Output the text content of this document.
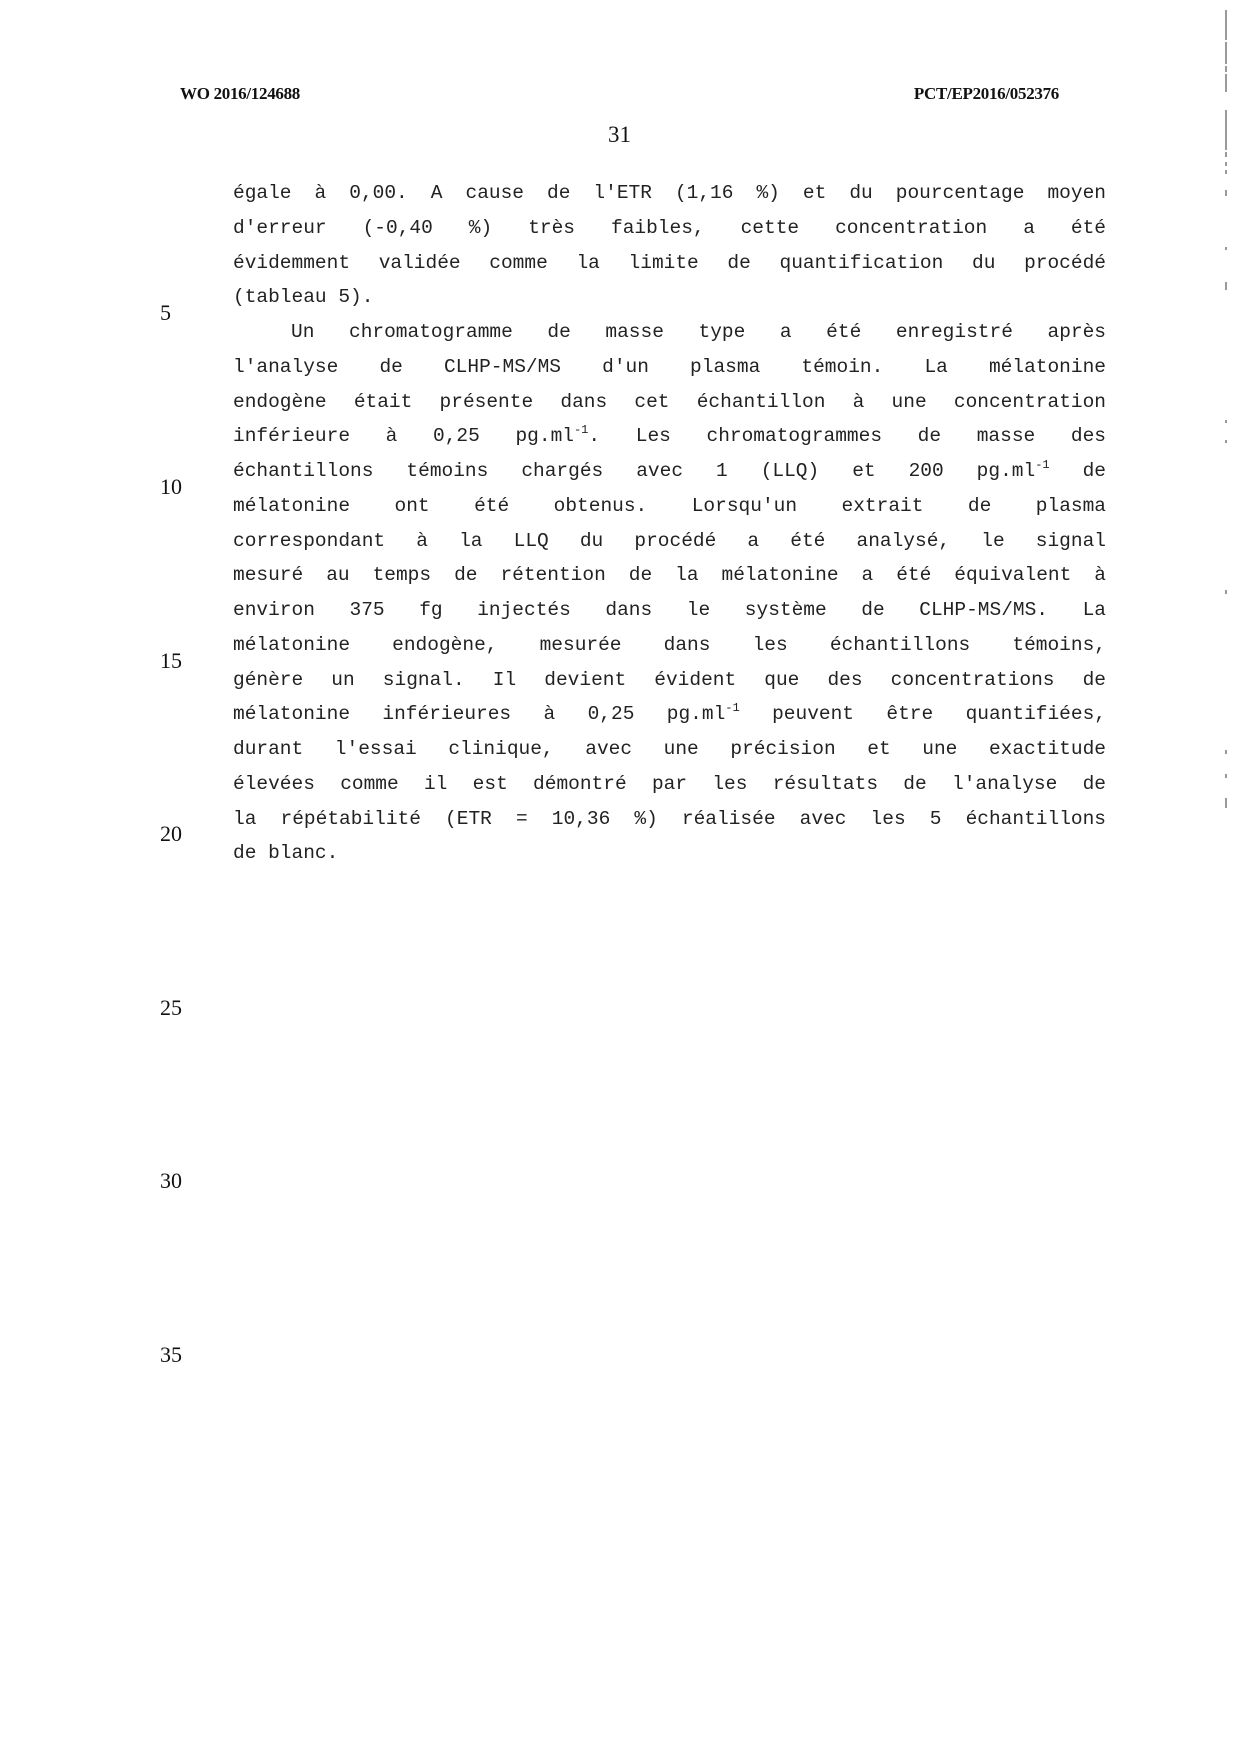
WO 2016/124688	PCT/EP2016/052376
31
5
10
15
20
25
30
35
égale à 0,00. A cause de l'ETR (1,16 %) et du pourcentage moyen
d'erreur (-0,40 %) très faibles, cette concentration a été
évidemment validée comme la limite de quantification du procédé
(tableau 5).
Un chromatogramme de masse type a été enregistré après
l'analyse de CLHP-MS/MS d'un plasma témoin. La mélatonine
endogène était présente dans cet échantillon à une concentration
inférieure à 0,25 $pg.ml^{-1}$. Les chromatogrammes de masse des
échantillons témoins chargés avec 1 (LLQ) et 200 $pg.ml^{-1}$ de
mélatonine ont été obtenus. Lorsqu'un extrait de plasma
correspondant à la LLQ du procédé a été analysé, le signal
mesuré au temps de rétention de la mélatonine a été équivalent à
environ 375 fg injectés dans le système de CLHP-MS/MS. La
mélatonine endogène, mesurée dans les échantillons témoins,
génère un signal. Il devient évident que des concentrations de
mélatonine inférieures à 0,25 $pg.ml^{-1}$ peuvent être quantifiées,
durant l'essai clinique, avec une précision et une exactitude
élevées comme il est démontré par les résultats de l'analyse de
la répétabilité (ETR = 10,36 %) réalisée avec les 5 échantillons
de blanc.
